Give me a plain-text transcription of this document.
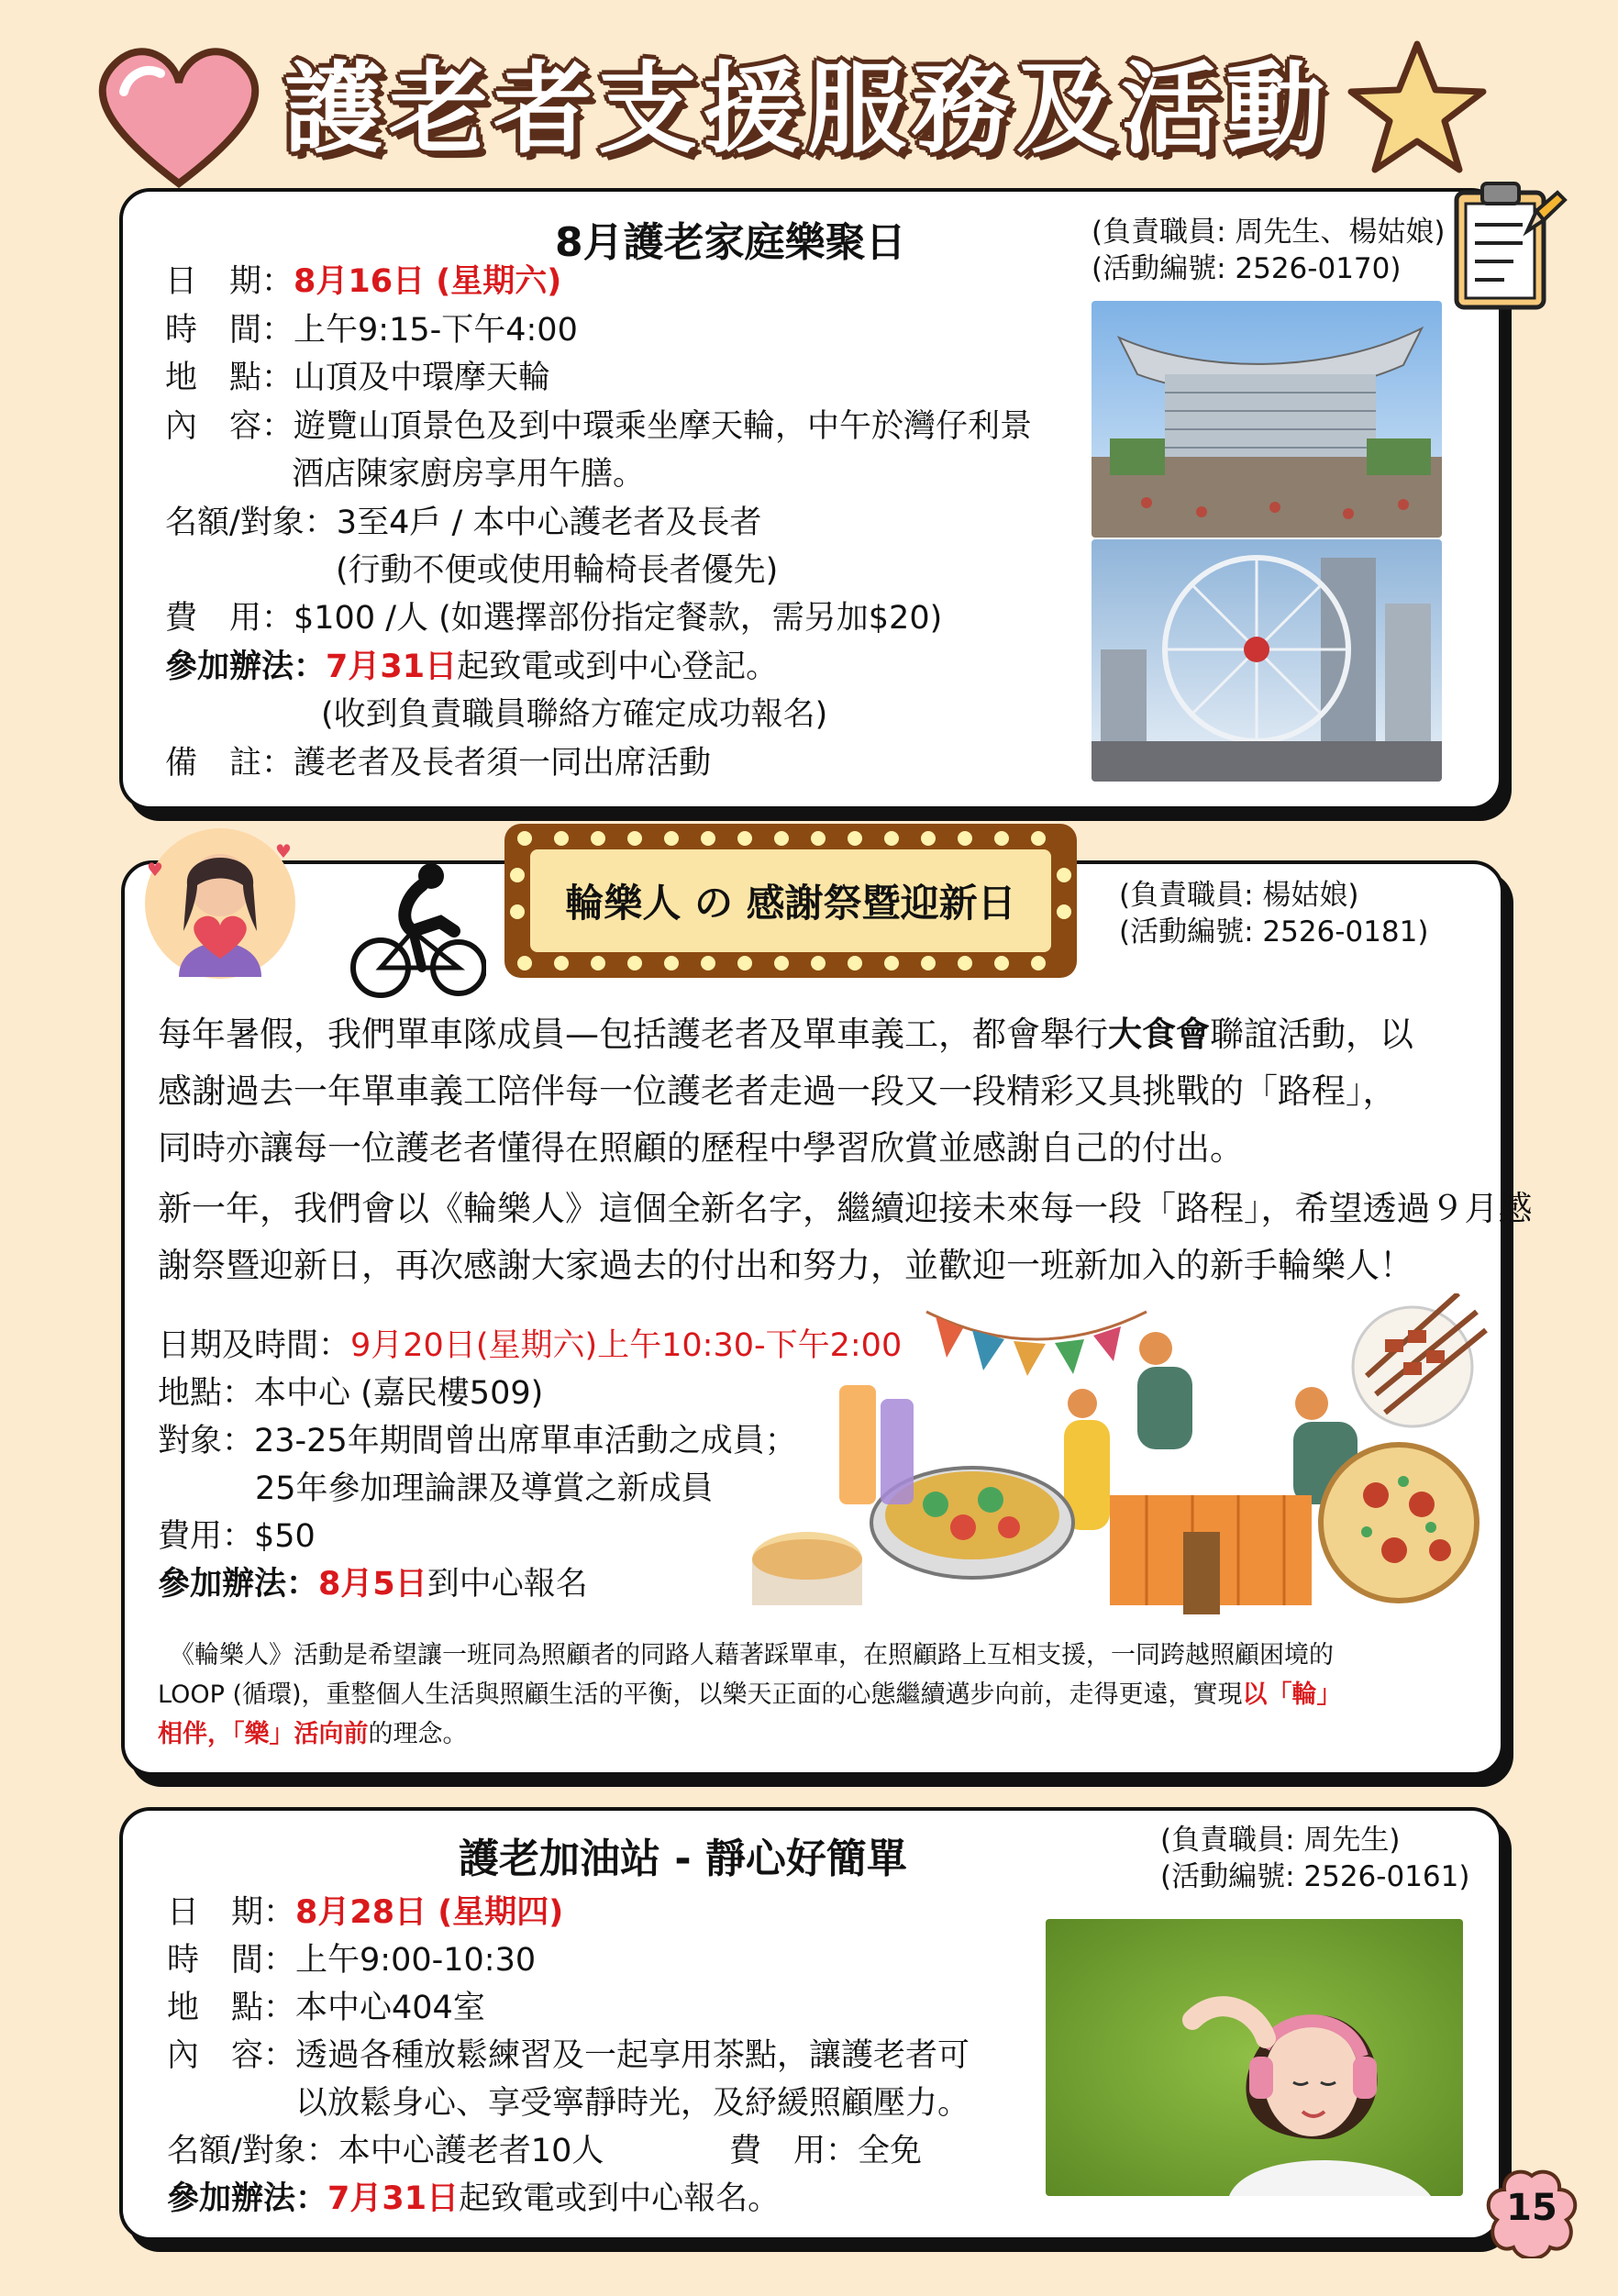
護老者支援服務及活動
8月護老家庭樂聚日	(負責職員: 周先生、楊姑娘)
(活動編號: 2526-0170)
日　期：8月16日 (星期六)
時　間：上午9:15-下午4:00
地　點：山頂及中環摩天輪
內　容：遊覽山頂景色及到中環乘坐摩天輪，中午於灣仔利景
酒店陳家廚房享用午膳。
名額/對象：3至4戶 / 本中心護老者及長者
(行動不便或使用輪椅長者優先)
費　用：$100 /人 (如選擇部份指定餐款，需另加$20)
參加辦法：7月31日起致電或到中心登記。
(收到負責職員聯絡方確定成功報名)
備　註：護老者及長者須一同出席活動
♥
♥
輪樂人 の 感謝祭暨迎新日	(負責職員: 楊姑娘)
(活動編號: 2526-0181)
每年暑假，我們單車隊成員—包括護老者及單車義工，都會舉行大食會聯誼活動，以
感謝過去一年單車義工陪伴每一位護老者走過一段又一段精彩又具挑戰的「路程」，
同時亦讓每一位護老者懂得在照顧的歷程中學習欣賞並感謝自己的付出。
新一年，我們會以《輪樂人》這個全新名字，繼續迎接未來每一段「路程」，希望透過９月感
謝祭暨迎新日，再次感謝大家過去的付出和努力，並歡迎一班新加入的新手輪樂人！
日期及時間：9月20日(星期六)上午10:30-下午2:00
地點：本中心 (嘉民樓509)
對象：23-25年期間曾出席單車活動之成員；
25年參加理論課及導賞之新成員
費用：$50
參加辦法：8月5日到中心報名
《輪樂人》活動是希望讓一班同為照顧者的同路人藉著踩單車，在照顧路上互相支援，一同跨越照顧困境的
LOOP (循環)，重整個人生活與照顧生活的平衡，以樂天正面的心態繼續邁步向前，走得更遠，實現以「輪」
相伴，「樂」活向前的理念。
護老加油站 - 靜心好簡單	(負責職員: 周先生)
(活動編號: 2526-0161)
日　期：8月28日 (星期四)
時　間：上午9:00-10:30
地　點：本中心404室
內　容：透過各種放鬆練習及一起享用茶點，讓護老者可
以放鬆身心、享受寧靜時光，及紓緩照顧壓力。
名額/對象：本中心護老者10人	費　用：全免
參加辦法：7月31日起致電或到中心報名。	15
